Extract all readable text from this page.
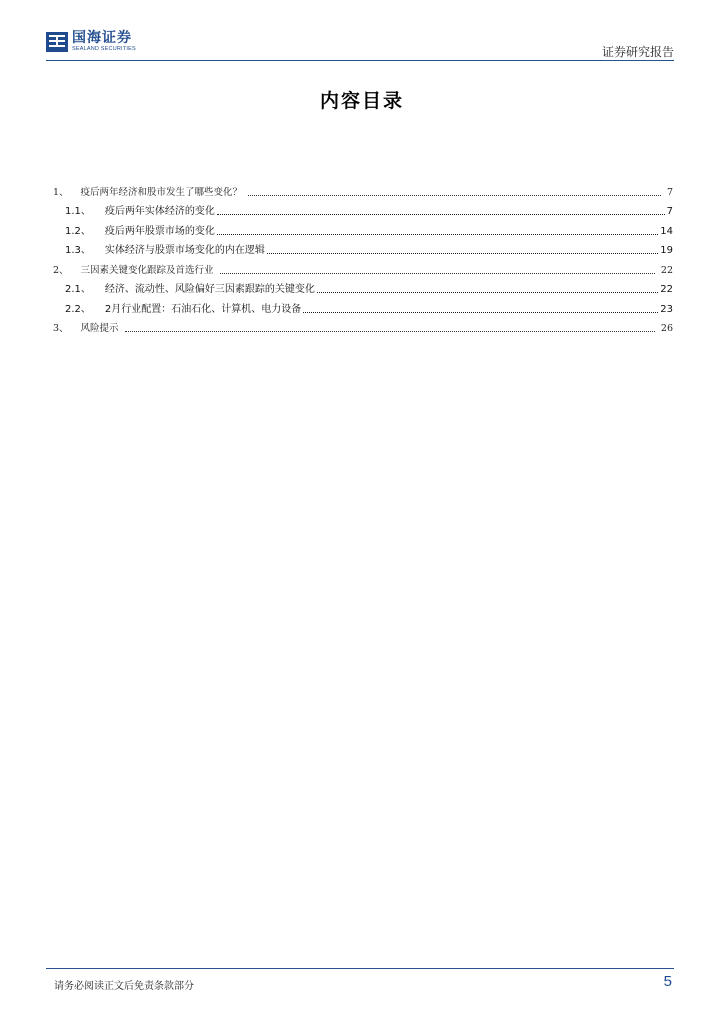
国海证券
SEALAND SECURITIES	证券研究报告
内容目录
1、 疫后两年经济和股市发生了哪些变化？	7
1.1、 疫后两年实体经济的变化	7
1.2、 疫后两年股票市场的变化	14
1.3、 实体经济与股票市场变化的内在逻辑	19
2、 三因素关键变化跟踪及首选行业	22
2.1、 经济、流动性、风险偏好三因素跟踪的关键变化	22
2.2、 2月行业配置：石油石化、计算机、电力设备	23
3、 风险提示	26
请务必阅读正文后免责条款部分	5
